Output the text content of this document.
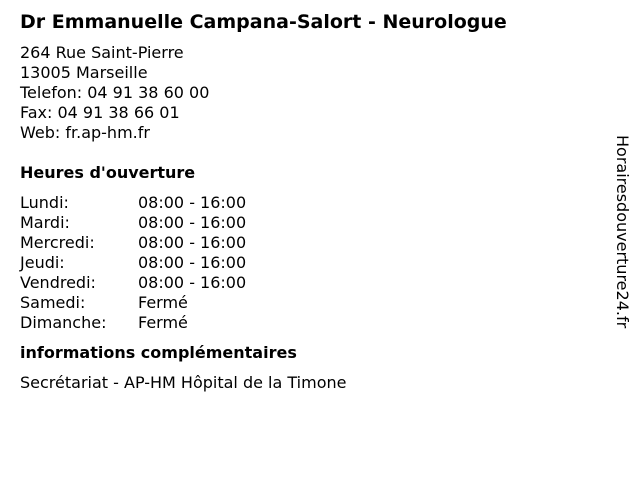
Dr Emmanuelle Campana-Salort - Neurologue
264 Rue Saint-Pierre
13005 Marseille
Telefon: 04 91 38 60 00
Fax: 04 91 38 66 01
Web: fr.ap-hm.fr
Heures d'ouverture
Lundi:	08:00 - 16:00
Mardi:	08:00 - 16:00
Mercredi:	08:00 - 16:00
Jeudi:	08:00 - 16:00
Vendredi:	08:00 - 16:00
Samedi:	Fermé
Dimanche:	Fermé
informations complémentaires
Secrétariat - AP-HM Hôpital de la Timone
Horairesdouverture24.fr
